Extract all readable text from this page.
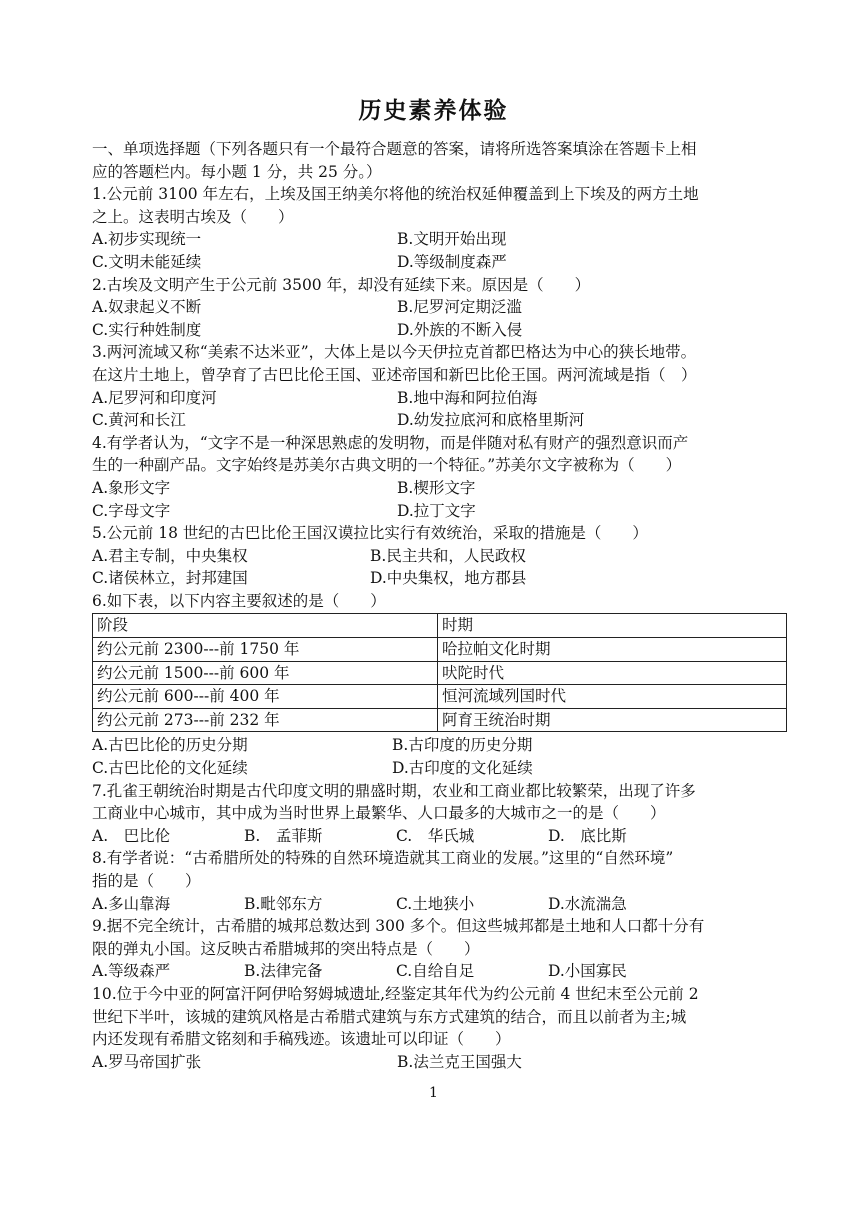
历史素养体验
一、单项选择题（下列各题只有一个最符合题意的答案，请将所选答案填涂在答题卡上相
应的答题栏内。每小题 1 分，共 25 分。）
1.公元前 3100 年左右，上埃及国王纳美尔将他的统治权延伸覆盖到上下埃及的两方土地
之上。这表明古埃及（　　）
A.初步实现统一	B.文明开始出现
C.文明未能延续	D.等级制度森严
2.古埃及文明产生于公元前 3500 年，却没有延续下来。原因是（　　）
A.奴隶起义不断	B.尼罗河定期泛滥
C.实行种姓制度	D.外族的不断入侵
3.两河流域又称“美索不达米亚”，大体上是以今天伊拉克首都巴格达为中心的狭长地带。
在这片土地上，曾孕育了古巴比伦王国、亚述帝国和新巴比伦王国。两河流域是指（　）
A.尼罗河和印度河	B.地中海和阿拉伯海
C.黄河和长江	D.幼发拉底河和底格里斯河
4.有学者认为，“文字不是一种深思熟虑的发明物，而是伴随对私有财产的强烈意识而产
生的一种副产品。文字始终是苏美尔古典文明的一个特征。”苏美尔文字被称为（　　）
A.象形文字	B.楔形文字
C.字母文字	D.拉丁文字
5.公元前 18 世纪的古巴比伦王国汉谟拉比实行有效统治，采取的措施是（　　）
A.君主专制，中央集权	B.民主共和，人民政权
C.诸侯林立，封邦建国	D.中央集权，地方郡县
6.如下表，以下内容主要叙述的是（　　）
阶段	时期
约公元前 2300---前 1750 年	哈拉帕文化时期
约公元前 1500---前 600 年	吠陀时代
约公元前 600---前 400 年	恒河流域列国时代
约公元前 273---前 232 年	阿育王统治时期
A.古巴比伦的历史分期	B.古印度的历史分期
C.古巴比伦的文化延续	D.古印度的文化延续
7.孔雀王朝统治时期是古代印度文明的鼎盛时期，农业和工商业都比较繁荣，出现了许多
工商业中心城市，其中成为当时世界上最繁华、人口最多的大城市之一的是（　　）
A.　巴比伦	B.　孟菲斯	C.　华氏城	D.　底比斯
8.有学者说：“古希腊所处的特殊的自然环境造就其工商业的发展。”这里的“自然环境”
指的是（　　）
A.多山靠海	B.毗邻东方	C.土地狭小	D.水流湍急
9.据不完全统计，古希腊的城邦总数达到 300 多个。但这些城邦都是土地和人口都十分有
限的弹丸小国。这反映古希腊城邦的突出特点是（　　）
A.等级森严	B.法律完备	C.自给自足	D.小国寡民
10.位于今中亚的阿富汗阿伊哈努姆城遗址,经鉴定其年代为约公元前 4 世纪末至公元前 2
世纪下半叶，该城的建筑风格是古希腊式建筑与东方式建筑的结合，而且以前者为主;城
内还发现有希腊文铭刻和手稿残迹。该遗址可以印证（　　）
A.罗马帝国扩张	B.法兰克王国强大
1
